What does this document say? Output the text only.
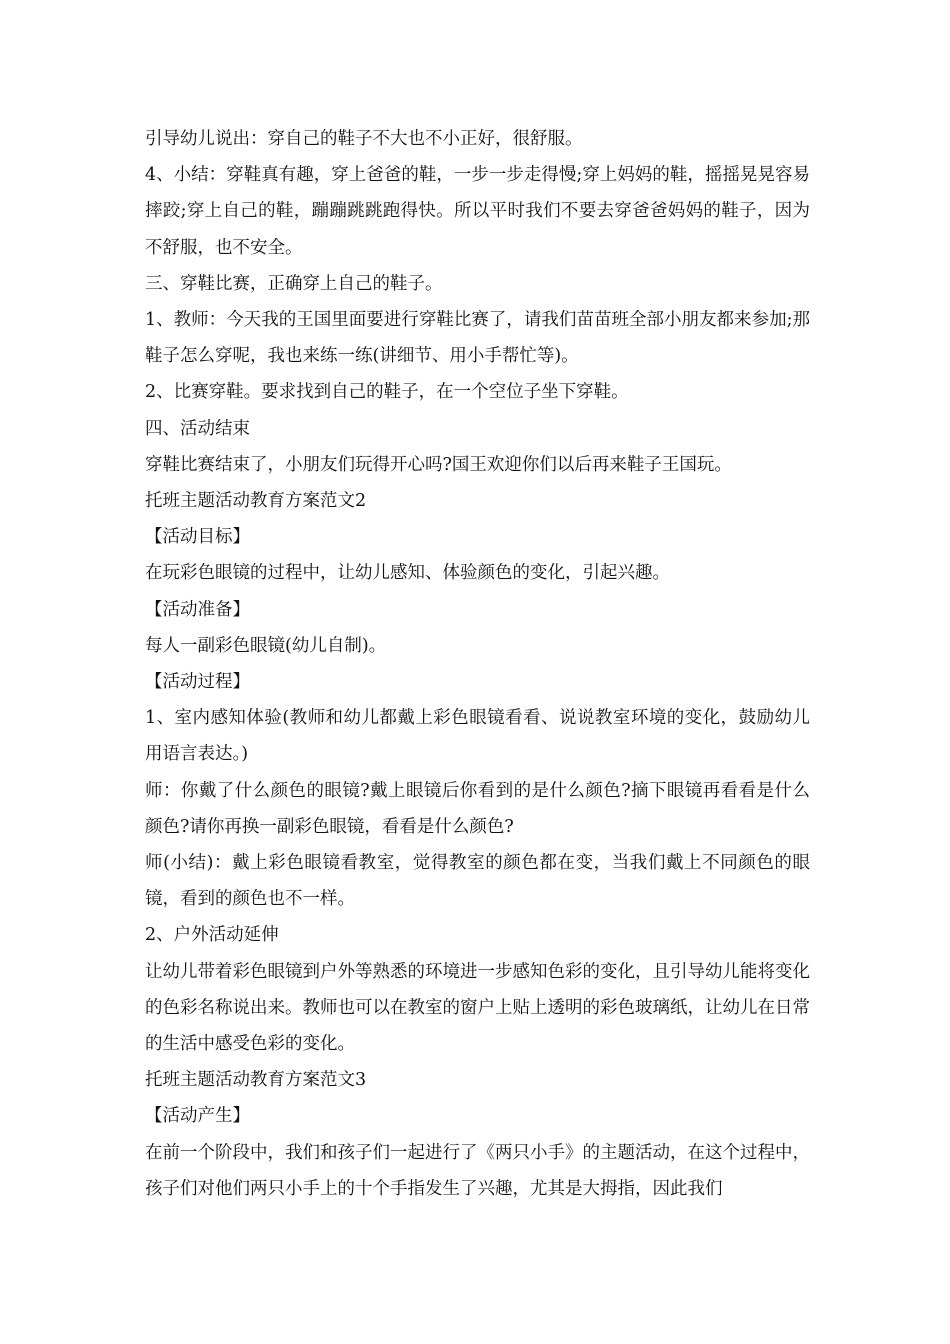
引导幼儿说出：穿自己的鞋子不大也不小正好，很舒服。

4、小结：穿鞋真有趣，穿上爸爸的鞋，一步一步走得慢;穿上妈妈的鞋，摇摇晃晃容易摔跤;穿上自己的鞋，蹦蹦跳跳跑得快。所以平时我们不要去穿爸爸妈妈的鞋子，因为不舒服，也不安全。

三、穿鞋比赛，正确穿上自己的鞋子。

1、教师：今天我的王国里面要进行穿鞋比赛了，请我们苗苗班全部小朋友都来参加;那鞋子怎么穿呢，我也来练一练(讲细节、用小手帮忙等)。

2、比赛穿鞋。要求找到自己的鞋子，在一个空位子坐下穿鞋。

四、活动结束

穿鞋比赛结束了，小朋友们玩得开心吗?国王欢迎你们以后再来鞋子王国玩。

托班主题活动教育方案范文2

【活动目标】

在玩彩色眼镜的过程中，让幼儿感知、体验颜色的变化，引起兴趣。

【活动准备】

每人一副彩色眼镜(幼儿自制)。

【活动过程】

1、室内感知体验(教师和幼儿都戴上彩色眼镜看看、说说教室环境的变化，鼓励幼儿用语言表达。)

师：你戴了什么颜色的眼镜?戴上眼镜后你看到的是什么颜色?摘下眼镜再看看是什么颜色?请你再换一副彩色眼镜，看看是什么颜色?

师(小结)：戴上彩色眼镜看教室，觉得教室的颜色都在变，当我们戴上不同颜色的眼镜，看到的颜色也不一样。

2、户外活动延伸

让幼儿带着彩色眼镜到户外等熟悉的环境进一步感知色彩的变化，且引导幼儿能将变化的色彩名称说出来。教师也可以在教室的窗户上贴上透明的彩色玻璃纸，让幼儿在日常的生活中感受色彩的变化。

托班主题活动教育方案范文3

【活动产生】

在前一个阶段中，我们和孩子们一起进行了《两只小手》的主题活动，在这个过程中，孩子们对他们两只小手上的十个手指发生了兴趣，尤其是大拇指，因此我们
